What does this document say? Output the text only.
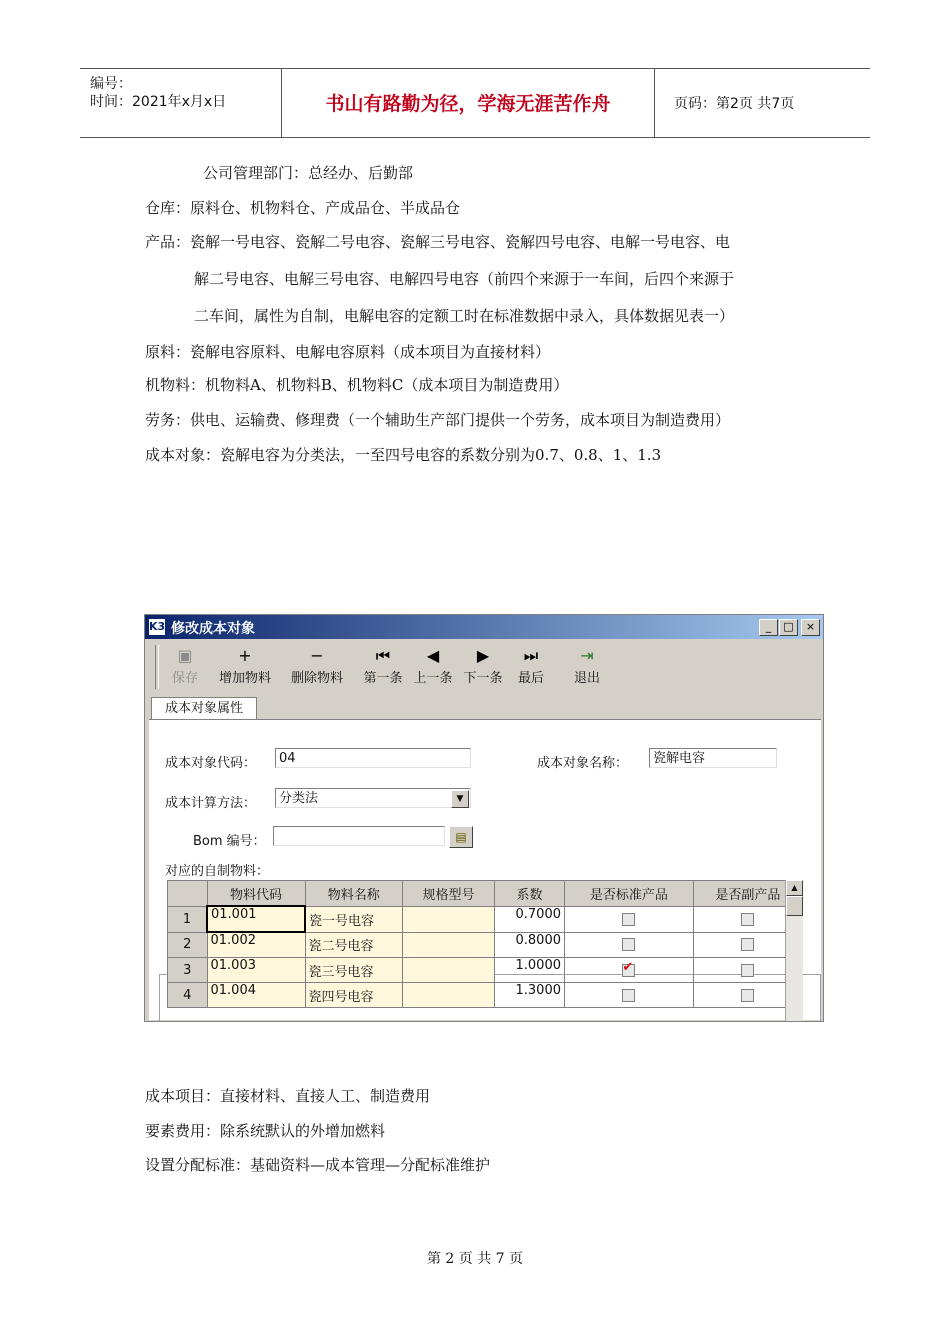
编号：
时间：2021年x月x日	书山有路勤为径，学海无涯苦作舟	页码：第2页 共7页
公司管理部门：总经办、后勤部
仓库：原料仓、机物料仓、产成品仓、半成品仓
产品：瓷解一号电容、瓷解二号电容、瓷解三号电容、瓷解四号电容、电解一号电容、电
解二号电容、电解三号电容、电解四号电容（前四个来源于一车间，后四个来源于
二车间，属性为自制，电解电容的定额工时在标准数据中录入，具体数据见表一）
原料：瓷解电容原料、电解电容原料（成本项目为直接材料）
机物料：机物料A、机物料B、机物料C（成本项目为制造费用）
劳务：供电、运输费、修理费（一个辅助生产部门提供一个劳务，成本项目为制造费用）
成本对象：瓷解电容为分类法，一至四号电容的系数分别为0.7、0.8、1、1.3
K3 修改成本对象	_	□	×
▣
保存
+
增加物料
−
删除物料
⏮
第一条
◀
上一条
▶
下一条
⏭
最后
⇥
退出
成本对象属性
成本对象代码：	04	成本对象名称：	瓷解电容
成本计算方法：	分类法	▼
Bom 编号：	▤
对应的自制物料：
	物料代码	物料名称	规格型号	系数	是否标准产品	是否副产品
1	01.001	瓷一号电容		0.7000		
2	01.002	瓷二号电容		0.8000		
3	01.003	瓷三号电容		1.0000	✔	
4	01.004	瓷四号电容		1.3000		
▲
成本项目：直接材料、直接人工、制造费用
要素费用：除系统默认的外增加燃料
设置分配标准：基础资料—成本管理—分配标准维护
第 2 页 共 7 页
